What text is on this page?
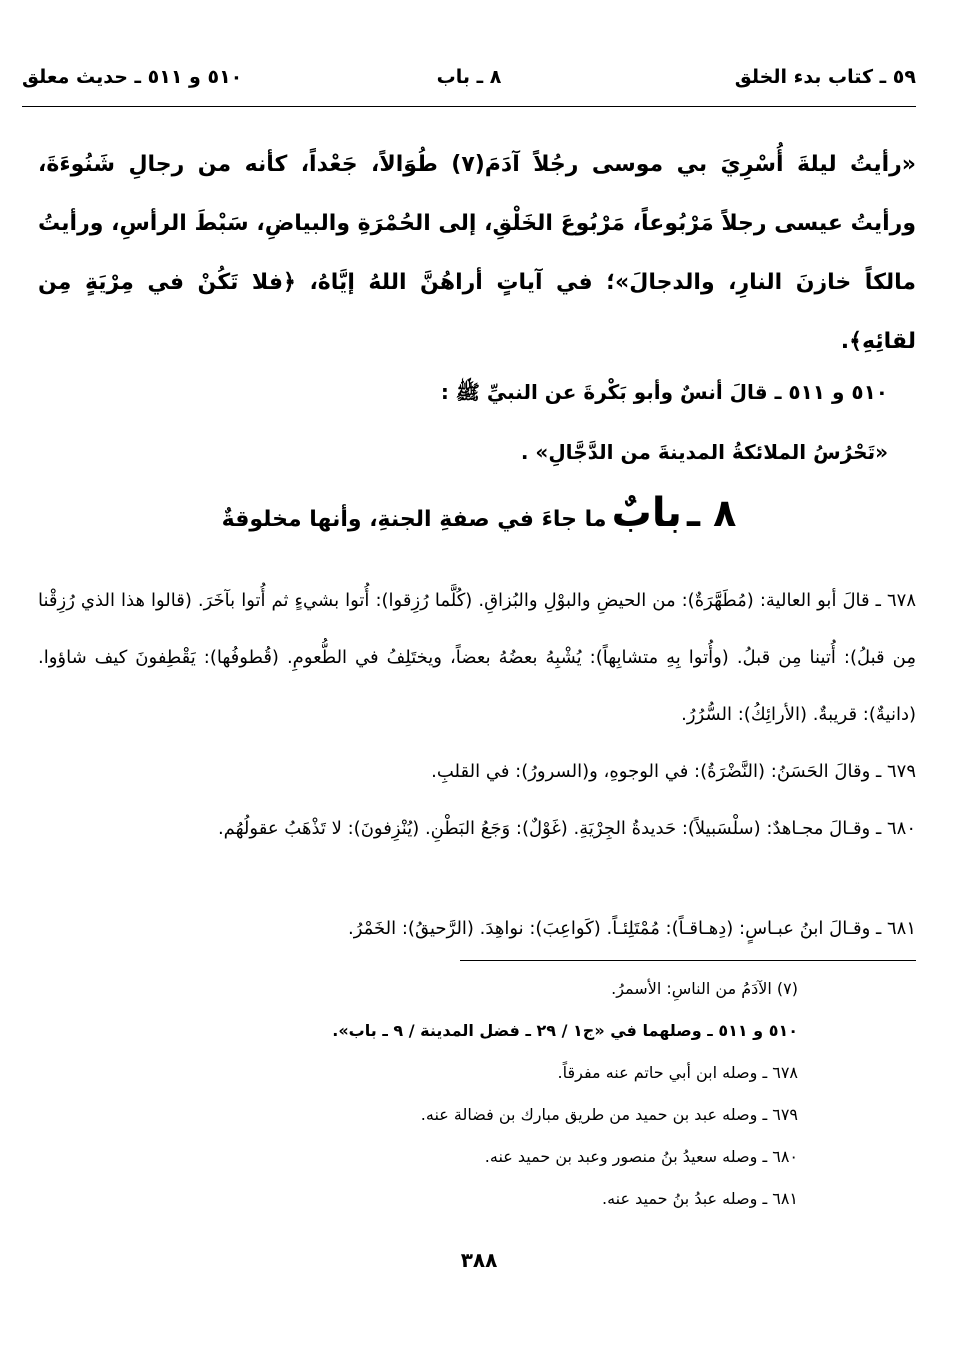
٥٩ ـ كتاب بدء الخلق
٨ ـ باب
٥١٠ و ٥١١ ـ حديث معلق
«رأيتُ ليلةَ أُسْرِيَ بي موسى رجُلاً آدَمَ(٧) طُوَالاً، جَعْداً، كأنه من رجالِ شَنُوءَةَ، ورأيتُ عيسى رجلاً مَرْبُوعاً، مَرْبُوعَ الخَلْقِ، إلى الحُمْرَةِ والبياضِ، سَبْطَ الرأسِ، ورأيتُ مالكاً خازنَ النارِ، والدجالَ»؛ في آياتٍ أراهُنَّ اللهُ إيَّاهُ، ﴿فلا تَكُنْ في مِرْيَةٍ مِن لقائِهِ﴾.
٥١٠ و ٥١١ ـ قالَ أنسٌ وأبو بَكْرةَ عن النبيِّ ﷺ :
«تَحْرُسُ الملائكةُ المدينةَ من الدَّجَّالِ» .
٨ ـ بابٌ ما جاءَ في صفةِ الجنةِ، وأنها مخلوقةٌ
٦٧٨ ـ قالَ أبو العالية: (مُطَهَّرَةٌ): من الحيضِ والبوْلِ والبُزاقِ. (كُلَّما رُزِقوا): أُتوا بشيءٍ ثم أُتوا بآخَرَ. (قالوا هذا الذي رُزِقْنا مِن قبلُ): أُتينا مِن قبلُ. (وأُتوا بِهِ متشابِهاً): يُشْبِهُ بعضُهُ بعضاً، ويختَلِفُ في الطُّعومِ. (قُطوفُها): يَقْطِفونَ كيف شاؤوا. (دانيةٌ): قريبةٌ. (الأرائِكُ): السُّرُرُ.
٦٧٩ ـ وقالَ الحَسَنُ: (النَّضْرَةُ): في الوجوهِ، و(السرورُ): في القلبِ.
٦٨٠ ـ وقـالَ مجـاهدٌ: (سلْسَبيلاً): حَديدةُ الجِرْيَةِ. (غَوْلٌ): وَجَعُ البَطْنِ. (يُنْزِفونَ): لا تَذْهَبُ عقولُهُم.
٦٨١ ـ وقـالَ ابنُ عبـاسٍ: (دِهـاقـاً): مُمْتَلِئـاً. (كَواعِبَ): نواهِدَ. (الرَّحيقُ): الخَمْرُ.
(٧) الآدَمُ من الناسِ: الأسمرُ.
٥١٠ و ٥١١ ـ وصلهما في «ج١ / ٢٩ ـ فضل المدينة / ٩ ـ باب».
٦٧٨ ـ وصله ابن أبي حاتم عنه مفرقاً.
٦٧٩ ـ وصله عبد بن حميد من طريق مبارك بن فضالة عنه.
٦٨٠ ـ وصله سعيدُ بنُ منصور وعبد بن حميد عنه.
٦٨١ ـ وصله عبدُ بنُ حميد عنه.
٣٨٨
